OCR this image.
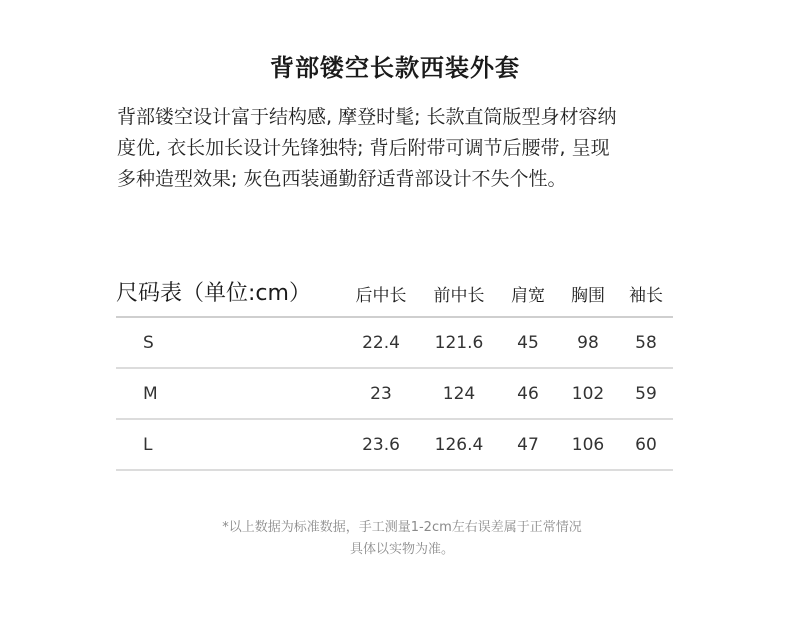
背部镂空长款西装外套
背部镂空设计富于结构感, 摩登时髦; 长款直筒版型身材容纳
度优, 衣长加长设计先锋独特; 背后附带可调节后腰带, 呈现
多种造型效果; 灰色西装通勤舒适背部设计不失个性。
尺码表（单位:cm）	后中长	前中长	肩宽	胸围	袖长
S	22.4	121.6	45	98	58
M	23	124	46	102	59
L	23.6	126.4	47	106	60
*以上数据为标准数据，手工测量1-2cm左右误差属于正常情况
具体以实物为准。
